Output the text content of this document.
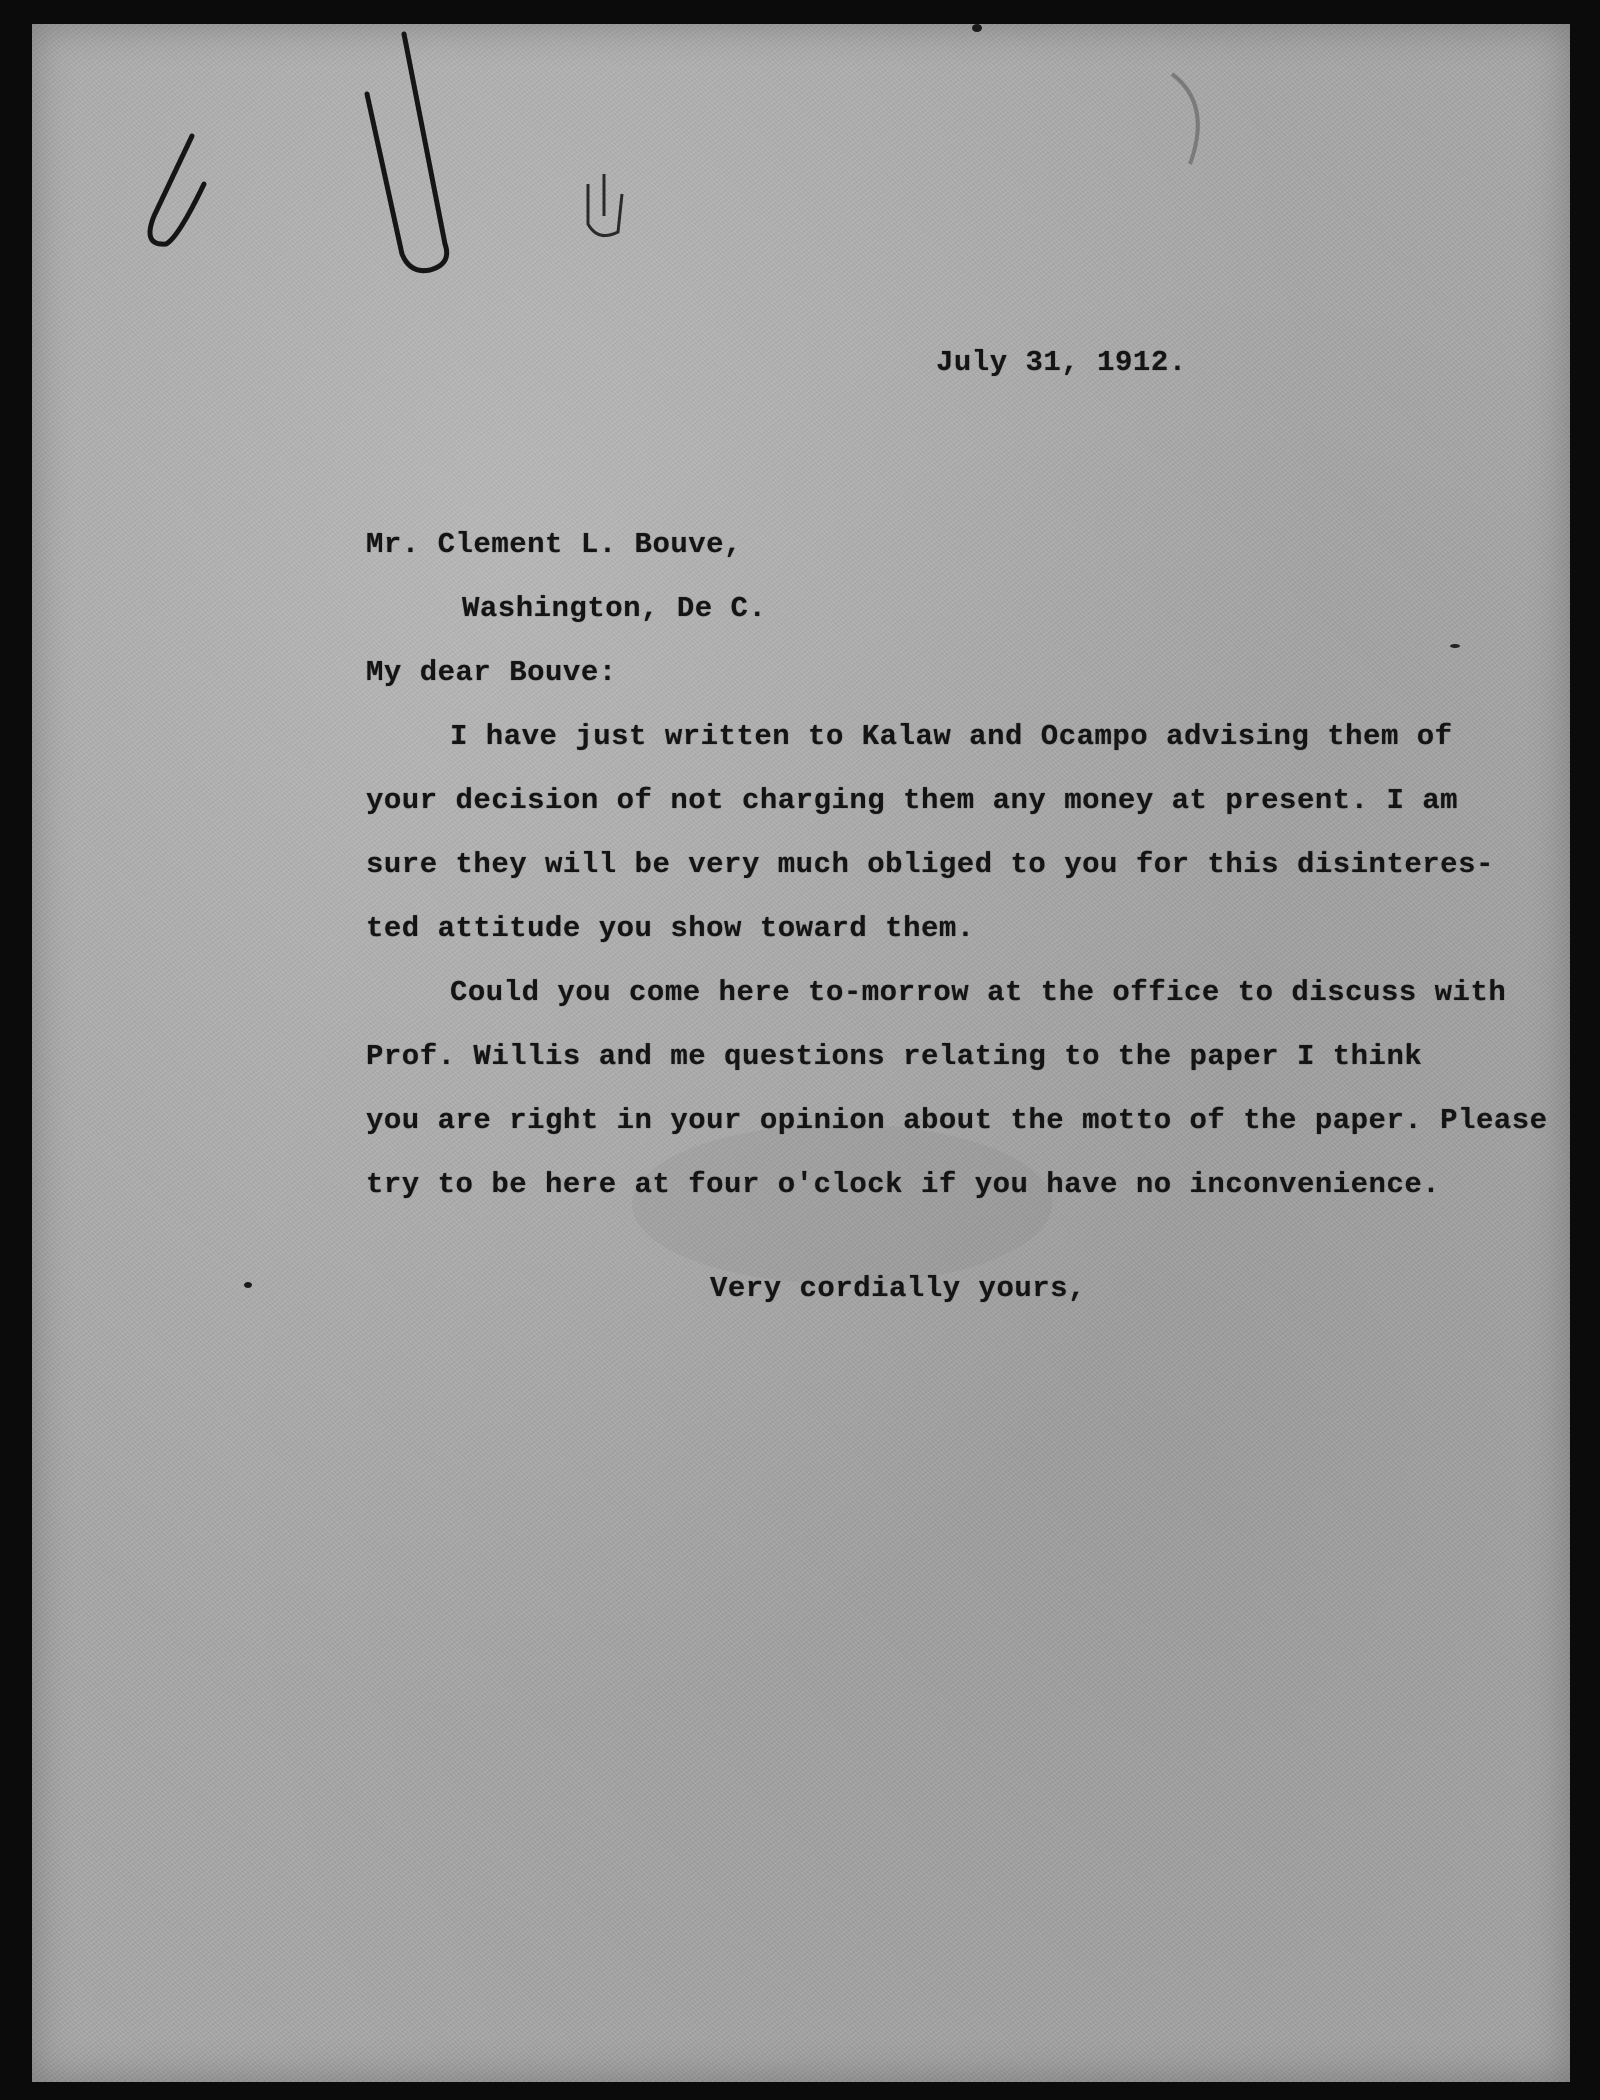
July 31, 1912.
Mr. Clement L. Bouve,
Washington, De C.
My dear Bouve:
I have just written to Kalaw and Ocampo advising them of
your decision of not charging them any money at present. I am
sure they will be very much obliged to you for this disinteres-
ted attitude you show toward them.
Could you come here to-morrow at the office to discuss with
Prof. Willis and me questions relating to the paper I think
you are right in your opinion about the motto of the paper. Please
try to be here at four o'clock if you have no inconvenience.
Very cordially yours,
